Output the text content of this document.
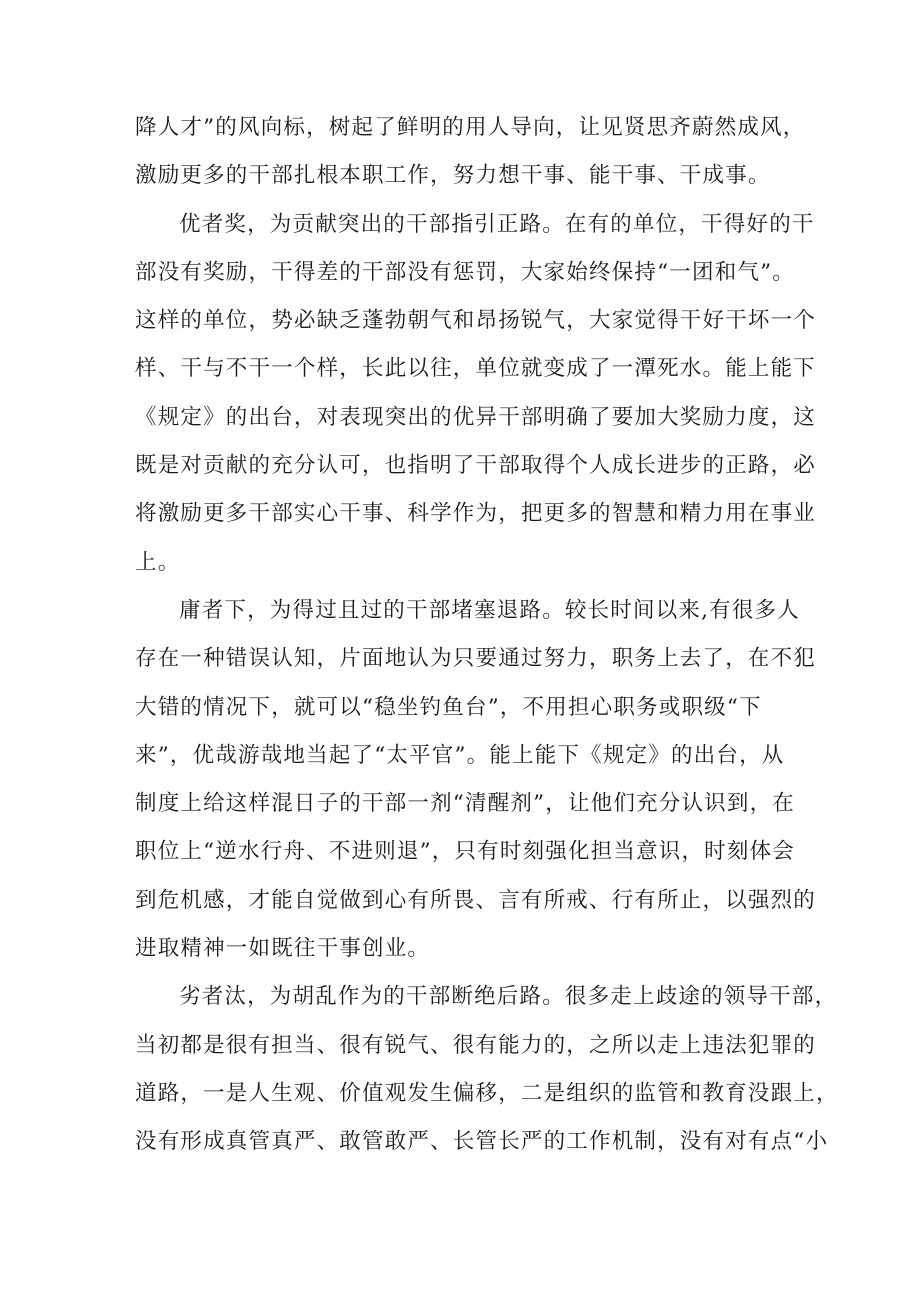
降人才”的风向标，树起了鲜明的用人导向，让见贤思齐蔚然成风，
激励更多的干部扎根本职工作，努力想干事、能干事、干成事。
优者奖，为贡献突出的干部指引正路。在有的单位，干得好的干
部没有奖励，干得差的干部没有惩罚，大家始终保持“一团和气”。
这样的单位，势必缺乏蓬勃朝气和昂扬锐气，大家觉得干好干坏一个
样、干与不干一个样，长此以往，单位就变成了一潭死水。能上能下
《规定》的出台，对表现突出的优异干部明确了要加大奖励力度，这
既是对贡献的充分认可，也指明了干部取得个人成长进步的正路，必
将激励更多干部实心干事、科学作为，把更多的智慧和精力用在事业
上。
庸者下，为得过且过的干部堵塞退路。较长时间以来,有很多人
存在一种错误认知，片面地认为只要通过努力，职务上去了，在不犯
大错的情况下，就可以“稳坐钓鱼台”，不用担心职务或职级“下
来”，优哉游哉地当起了“太平官”。能上能下《规定》的出台，从
制度上给这样混日子的干部一剂“清醒剂”，让他们充分认识到，在
职位上“逆水行舟、不进则退”，只有时刻强化担当意识，时刻体会
到危机感，才能自觉做到心有所畏、言有所戒、行有所止，以强烈的
进取精神一如既往干事创业。
劣者汰，为胡乱作为的干部断绝后路。很多走上歧途的领导干部，
当初都是很有担当、很有锐气、很有能力的，之所以走上违法犯罪的
道路，一是人生观、价值观发生偏移，二是组织的监管和教育没跟上，
没有形成真管真严、敢管敢严、长管长严的工作机制，没有对有点“小
